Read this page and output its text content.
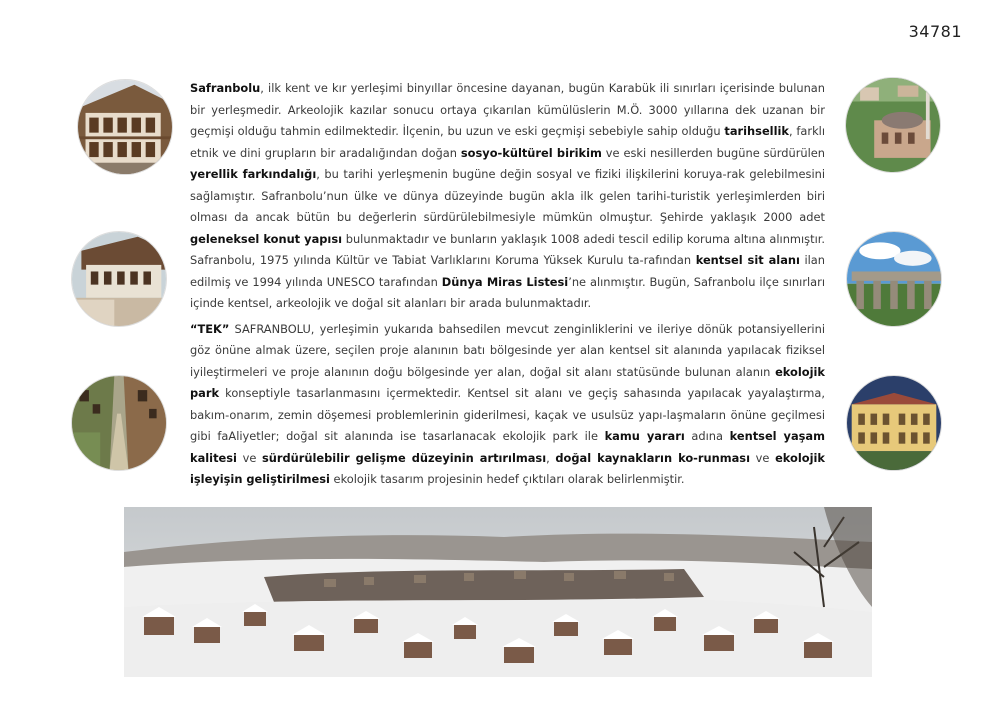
34781

Safranbolu, ilk kent ve kır yerleşimi binyıllar öncesine dayanan, bugün Karabük ili sınırları içerisinde bulunan bir yerleşmedir. Arkeolojik kazılar sonucu ortaya çıkarılan kümülüslerin M.Ö. 3000 yıllarına dek uzanan bir geçmişi olduğu tahmin edilmektedir. İlçenin, bu uzun ve eski geçmişi sebebiyle sahip olduğu tarihsellik, farklı etnik ve dini grupların bir aradalığından doğan sosyo-kültürel birikim ve eski nesillerden bugüne sürdürülen yerellik farkındalığı, bu tarihi yerleşmenin bugüne değin sosyal ve fiziki ilişkilerini koruya-rak gelebilmesini sağlamıştır. Safranbolu’nun ülke ve dünya düzeyinde bugün akla ilk gelen tarihi-turistik yerleşimlerden biri olması da ancak bütün bu değerlerin sürdürülebilmesiyle mümkün olmuştur. Şehirde yaklaşık 2000 adet geleneksel konut yapısı bulunmaktadır ve bunların yaklaşık 1008 adedi tescil edilip koruma altına alınmıştır. Safranbolu, 1975 yılında Kültür ve Tabiat Varlıklarını Koruma Yüksek Kurulu ta-rafından kentsel sit alanı ilan edilmiş ve 1994 yılında UNESCO tarafından Dünya Miras Listesi’ne alınmıştır. Bugün, Safranbolu ilçe sınırları içinde kentsel, arkeolojik ve doğal sit alanları bir arada bulunmaktadır.

“TEK” SAFRANBOLU, yerleşimin yukarıda bahsedilen mevcut zenginliklerini ve ileriye dönük potansiyellerini göz önüne almak üzere, seçilen proje alanının batı bölgesinde yer alan kentsel sit alanında yapılacak fiziksel iyileştirmeleri ve proje alanının doğu bölgesinde yer alan, doğal sit alanı statüsünde bulunan alanın ekolojik park konseptiyle tasarlanmasını içermektedir. Kentsel sit alanı ve geçiş sahasında yapılacak yayalaştırma, bakım-onarım, zemin döşemesi problemlerinin giderilmesi, kaçak ve usulsüz yapı-laşmaların önüne geçilmesi gibi faAliyetler; doğal sit alanında ise tasarlanacak ekolojik park ile kamu yararı adına kentsel yaşam kalitesi ve sürdürülebilir gelişme düzeyinin artırılması, doğal kaynakların ko-runması ve ekolojik işleyişin geliştirilmesi ekolojik tasarım projesinin hedef çıktıları olarak belirlenmiştir.
